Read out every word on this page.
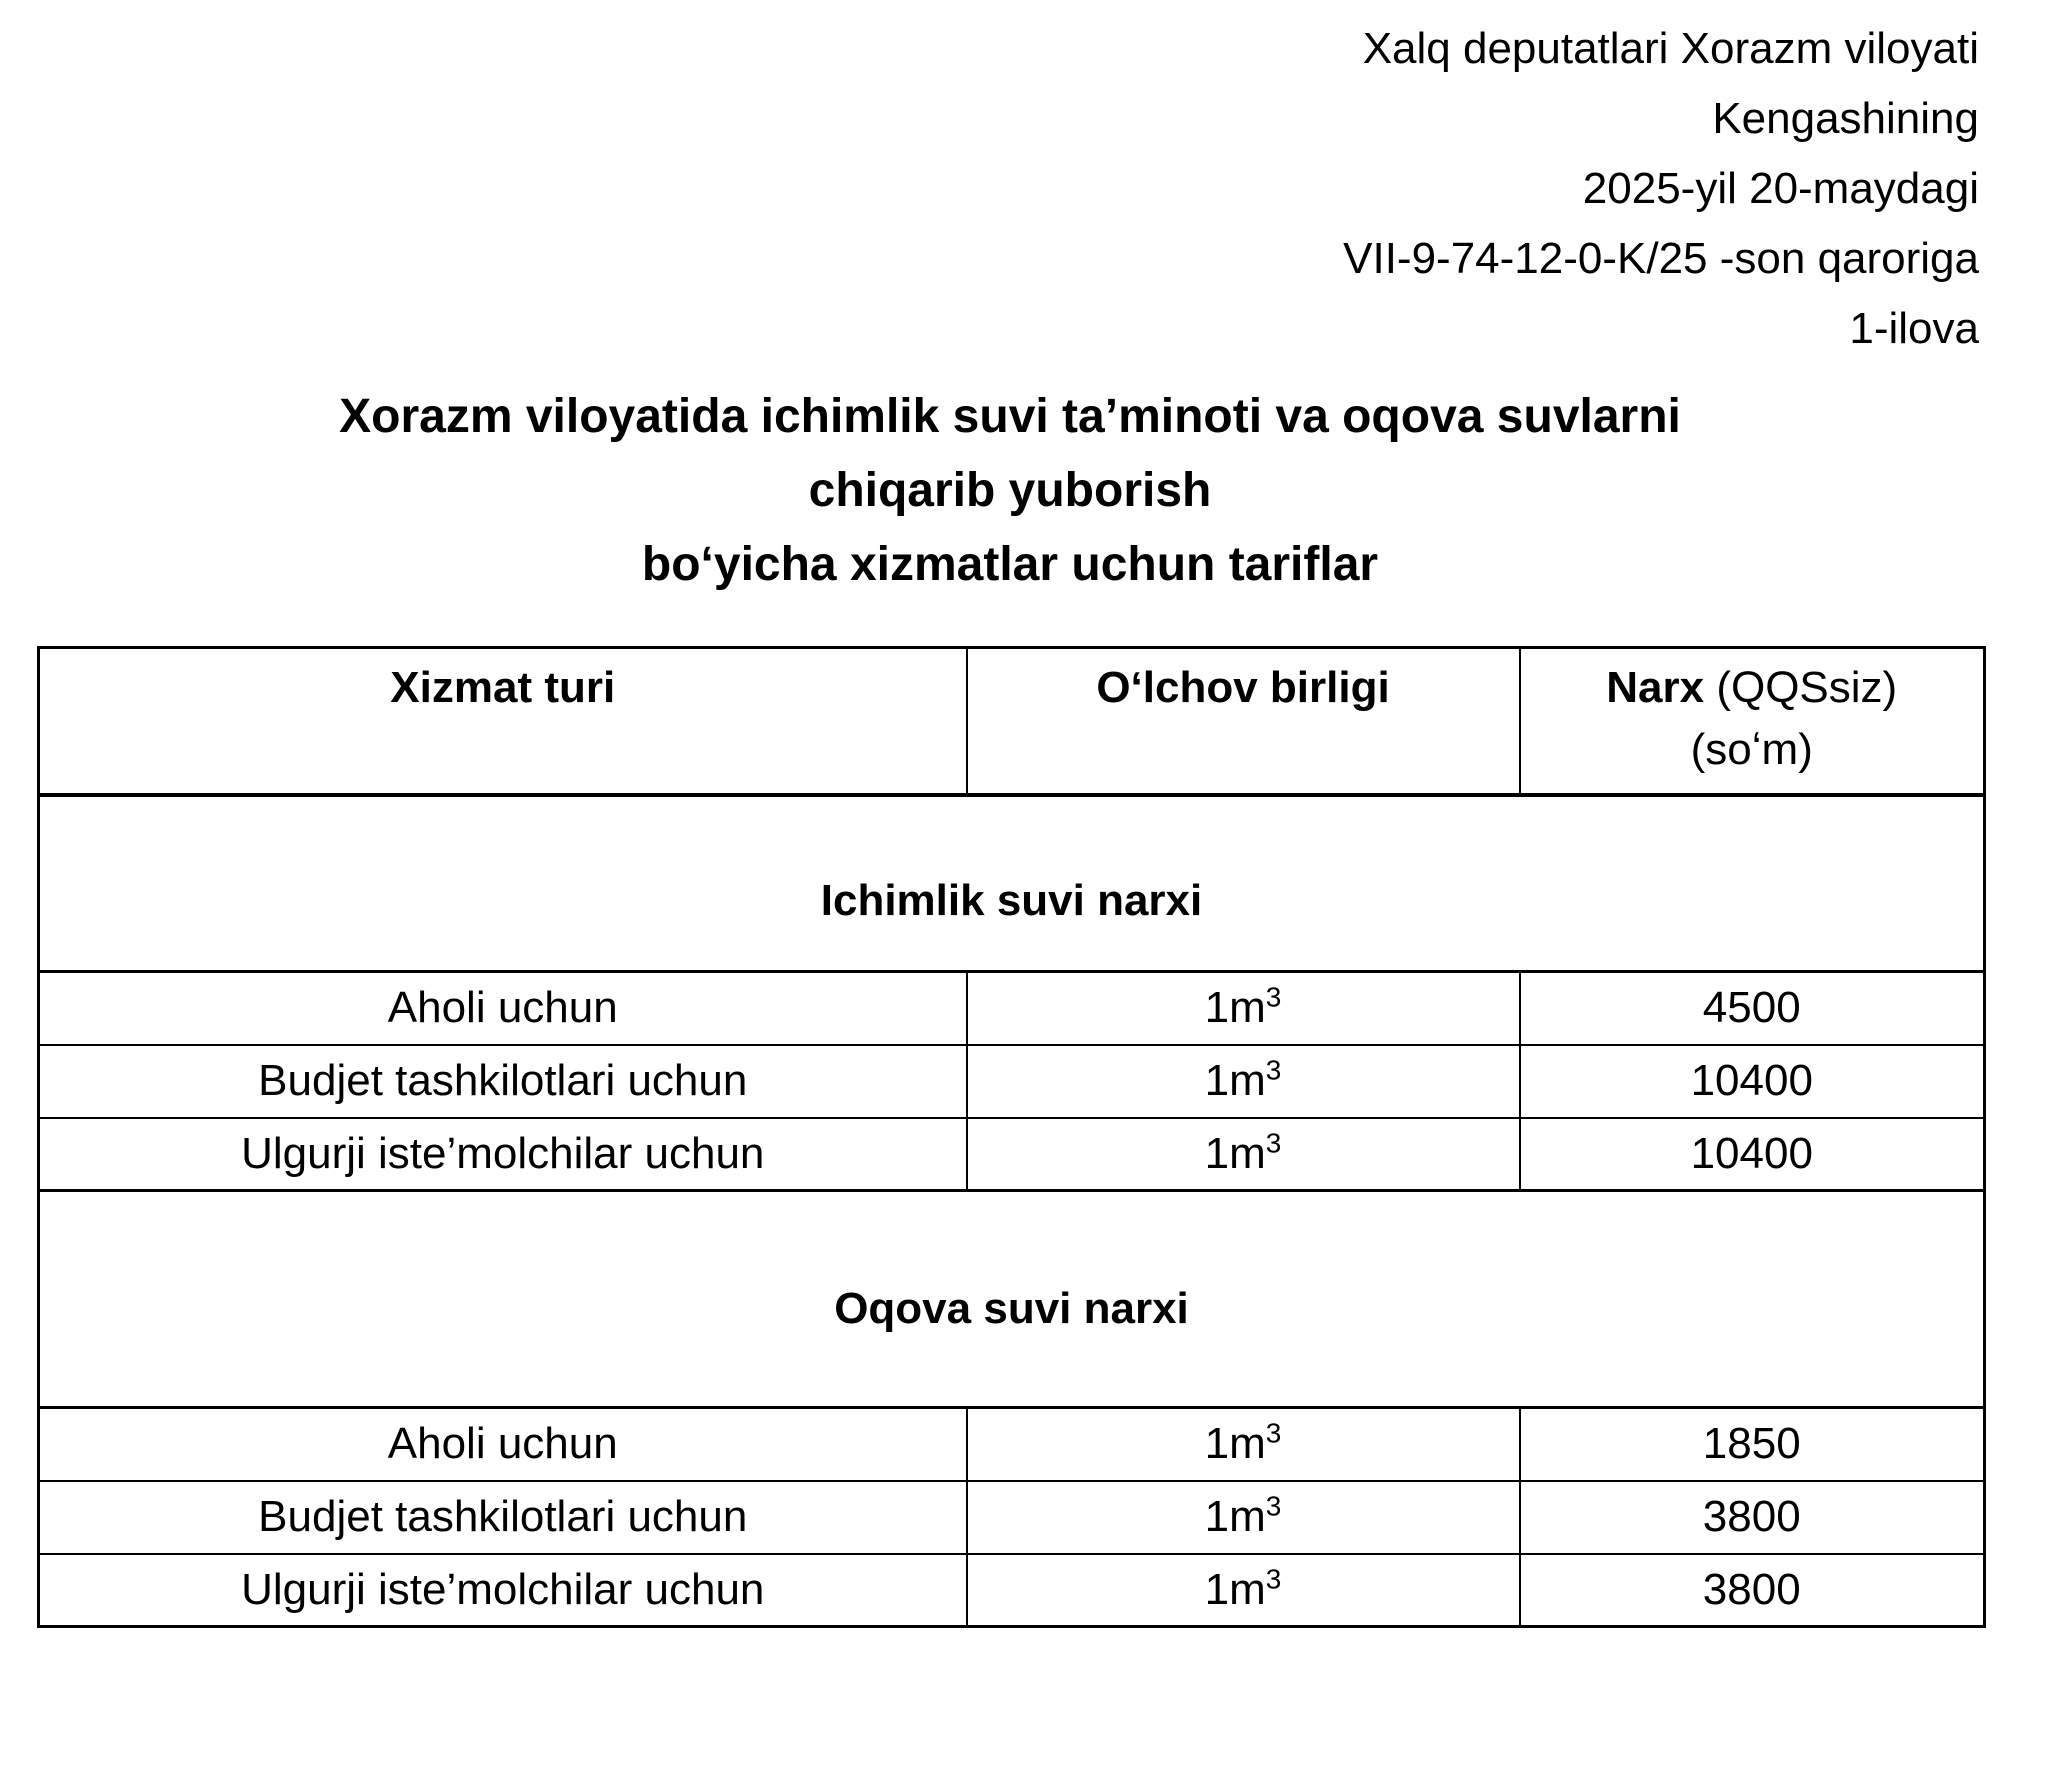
Xalq deputatlari Xorazm viloyati
Kengashining
2025-yil 20-maydagi
VII-9-74-12-0-K/25 -son qaroriga
1-ilova
Xorazm viloyatida ichimlik suvi ta’minoti va oqova suvlarni
chiqarib yuborish
boʻyicha xizmatlar uchun tariflar
Xizmat turi	Oʻlchov birligi	Narx (QQSsiz)
(soʻm)

Ichimlik suvi narxi		
Aholi uchun	$1m^3$	4500
Budjet tashkilotlari uchun	$1m^3$	10400
Ulgurji iste’molchilar uchun	$1m^3$	10400
Oqova suvi narxi		
Aholi uchun	$1m^3$	1850
Budjet tashkilotlari uchun	$1m^3$	3800
Ulgurji iste’molchilar uchun	$1m^3$	3800
